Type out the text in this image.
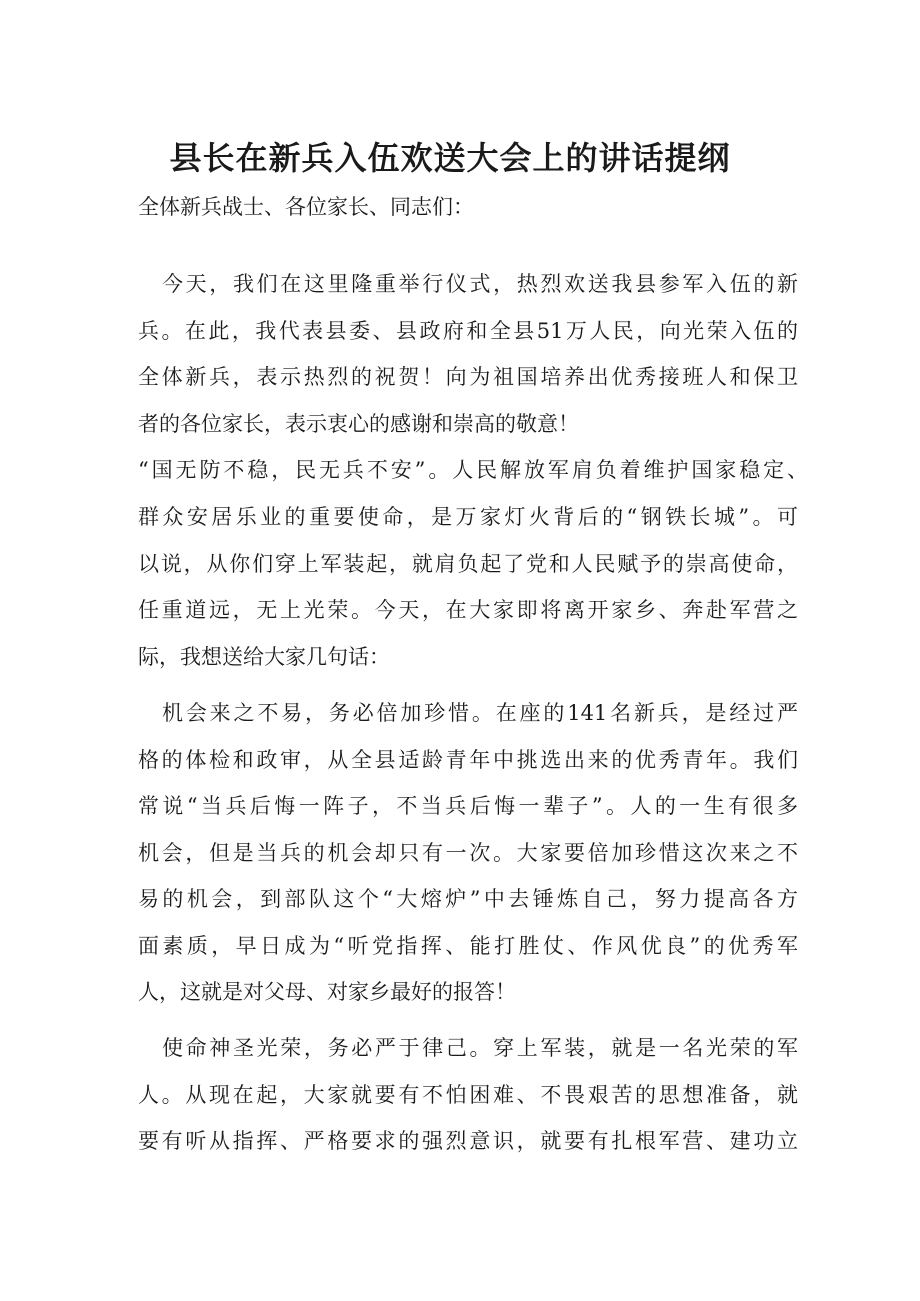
县长在新兵入伍欢送大会上的讲话提纲
全体新兵战士、各位家长、同志们：
今天，我们在这里隆重举行仪式，热烈欢送我县参军入伍的新
兵。在此，我代表县委、县政府和全县51万人民，向光荣入伍的
全体新兵，表示热烈的祝贺！向为祖国培养出优秀接班人和保卫
者的各位家长，表示衷心的感谢和崇高的敬意！
“国无防不稳，民无兵不安”。人民解放军肩负着维护国家稳定、
群众安居乐业的重要使命，是万家灯火背后的“钢铁长城”。可
以说，从你们穿上军装起，就肩负起了党和人民赋予的崇高使命，
任重道远，无上光荣。今天，在大家即将离开家乡、奔赴军营之
际，我想送给大家几句话：
机会来之不易，务必倍加珍惜。在座的141名新兵，是经过严
格的体检和政审，从全县适龄青年中挑选出来的优秀青年。我们
常说“当兵后悔一阵子，不当兵后悔一辈子”。人的一生有很多
机会，但是当兵的机会却只有一次。大家要倍加珍惜这次来之不
易的机会，到部队这个“大熔炉”中去锤炼自己，努力提高各方
面素质，早日成为“听党指挥、能打胜仗、作风优良”的优秀军
人，这就是对父母、对家乡最好的报答！
使命神圣光荣，务必严于律己。穿上军装，就是一名光荣的军
人。从现在起，大家就要有不怕困难、不畏艰苦的思想准备，就
要有听从指挥、严格要求的强烈意识，就要有扎根军营、建功立
